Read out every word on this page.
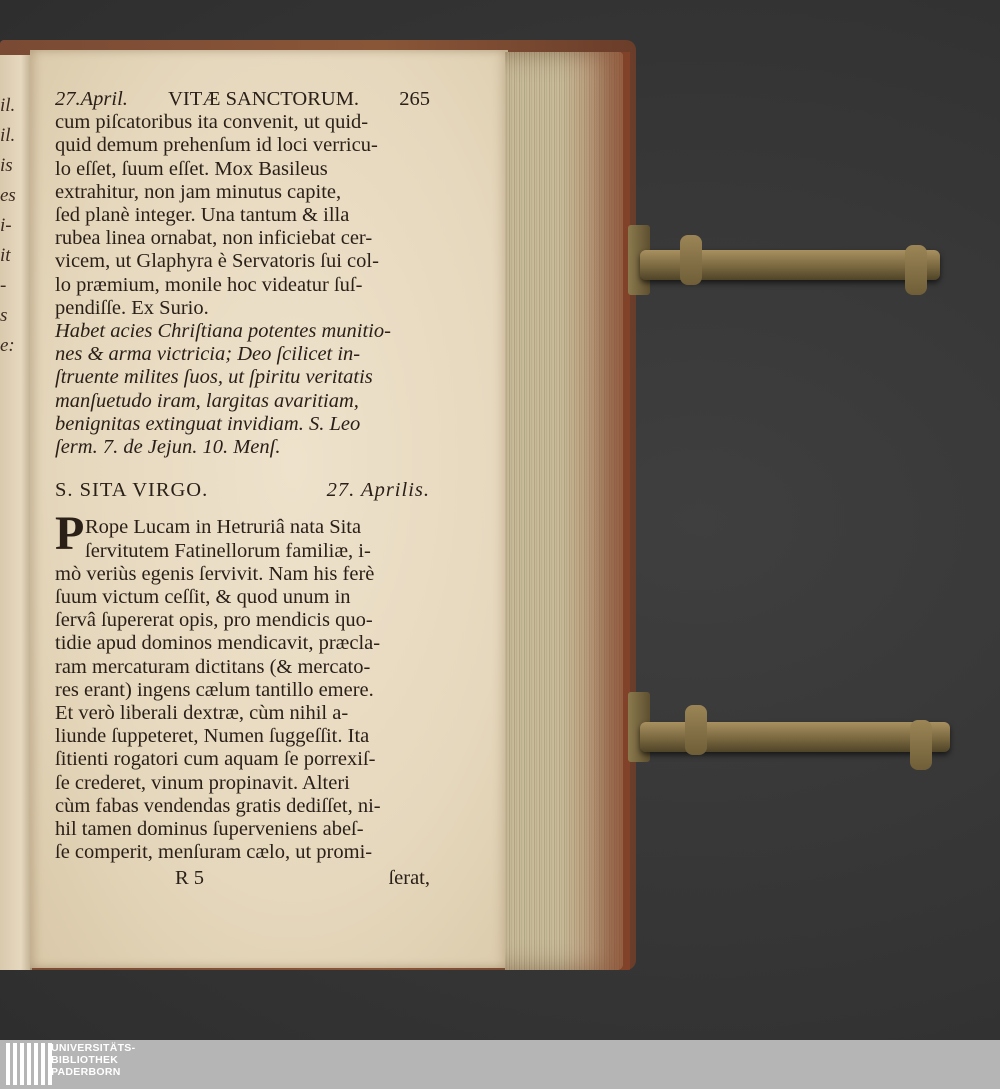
il.
il.
is
es
i-
it
-
s
e:
27.April. VITÆ SANCTORUM. 265
cum piſcatoribus ita convenit, ut quid-
quid demum prehenſum id loci verricu-
lo eſſet, ſuum eſſet. Mox Basileus
extrahitur, non jam minutus capite,
ſed planè integer. Una tantum & illa
rubea linea ornabat, non inficiebat cer-
vicem, ut Glaphyra è Servatoris ſui col-
lo præmium, monile hoc videatur ſuſ-
pendiſſe. Ex Surio.
Habet acies Chriſtiana potentes munitio-
nes & arma victricia; Deo ſcilicet in-
ſtruente milites ſuos, ut ſpiritu veritatis
manſuetudo iram, largitas avaritiam,
benignitas extinguat invidiam. S. Leo
ſerm. 7. de Jejun. 10. Menſ.
S. SITA VIRGO.	27. Aprilis.
P Rope Lucam in Hetruriâ nata Sita
ſervitutem Fatinellorum familiæ, i-
mò veriùs egenis ſervivit. Nam his ferè
ſuum victum ceſſit, & quod unum in
ſervâ ſupererat opis, pro mendicis quo-
tidie apud dominos mendicavit, præcla-
ram mercaturam dictitans (& mercato-
res erant) ingens cælum tantillo emere.
Et verò liberali dextræ, cùm nihil a-
liunde ſuppeteret, Numen ſuggeſſit. Ita
ſitienti rogatori cum aquam ſe porrexiſ-
ſe crederet, vinum propinavit. Alteri
cùm fabas vendendas gratis dediſſet, ni-
hil tamen dominus ſuperveniens abeſ-
ſe comperit, menſuram cælo, ut promi-
R 5	ſerat,
UNIVERSITÄTS-
BIBLIOTHEK
PADERBORN
